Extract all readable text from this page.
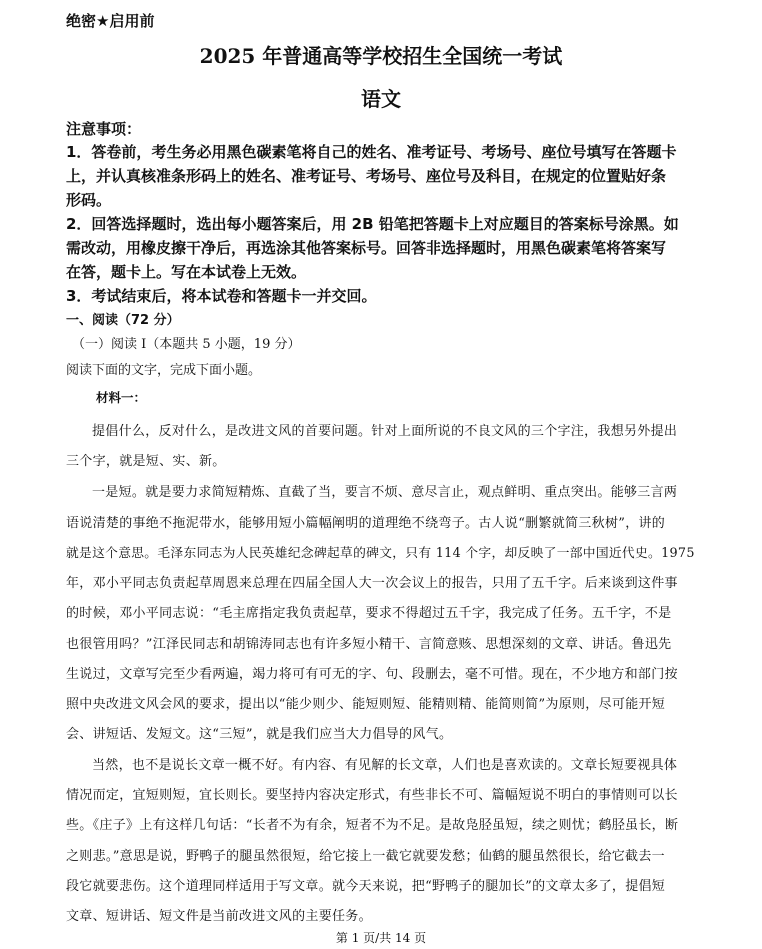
绝密★启用前
2025 年普通高等学校招生全国统一考试
语文
注意事项：
1．答卷前，考生务必用黑色碳素笔将自己的姓名、准考证号、考场号、座位号填写在答题卡
上，并认真核准条形码上的姓名、准考证号、考场号、座位号及科目，在规定的位置贴好条
形码。
2．回答选择题时，选出每小题答案后，用 2B 铅笔把答题卡上对应题目的答案标号涂黑。如
需改动，用橡皮擦干净后，再选涂其他答案标号。回答非选择题时，用黑色碳素笔将答案写
在答，题卡上。写在本试卷上无效。
3．考试结束后，将本试卷和答题卡一并交回。
一、阅读（72 分）
（一）阅读 I（本题共 5 小题，19 分）
阅读下面的文字，完成下面小题。
材料一：
提倡什么，反对什么，是改进文风的首要问题。针对上面所说的不良文风的三个字注，我想另外提出
三个字，就是短、实、新。
一是短。就是要力求简短精炼、直截了当，要言不烦、意尽言止，观点鲜明、重点突出。能够三言两
语说清楚的事绝不拖泥带水，能够用短小篇幅阐明的道理绝不绕弯子。古人说“删繁就简三秋树”，讲的
就是这个意思。毛泽东同志为人民英雄纪念碑起草的碑文，只有 114 个字，却反映了一部中国近代史。1975
年，邓小平同志负责起草周恩来总理在四届全国人大一次会议上的报告，只用了五千字。后来谈到这件事
的时候，邓小平同志说：“毛主席指定我负责起草，要求不得超过五千字，我完成了任务。五千字，不是
也很管用吗？”江泽民同志和胡锦涛同志也有许多短小精干、言简意赅、思想深刻的文章、讲话。鲁迅先
生说过，文章写完至少看两遍，竭力将可有可无的字、句、段删去，毫不可惜。现在，不少地方和部门按
照中央改进文风会风的要求，提出以“能少则少、能短则短、能精则精、能简则简”为原则，尽可能开短
会、讲短话、发短文。这“三短”，就是我们应当大力倡导的风气。
当然，也不是说长文章一概不好。有内容、有见解的长文章，人们也是喜欢读的。文章长短要视具体
情况而定，宜短则短，宜长则长。要坚持内容决定形式，有些非长不可、篇幅短说不明白的事情则可以长
些。《庄子》上有这样几句话：“长者不为有余，短者不为不足。是故凫胫虽短，续之则忧；鹤胫虽长，断
之则悲。”意思是说，野鸭子的腿虽然很短，给它接上一截它就要发愁；仙鹤的腿虽然很长，给它截去一
段它就要悲伤。这个道理同样适用于写文章。就今天来说，把“野鸭子的腿加长”的文章太多了，提倡短
文章、短讲话、短文件是当前改进文风的主要任务。
第 1 页/共 14 页
